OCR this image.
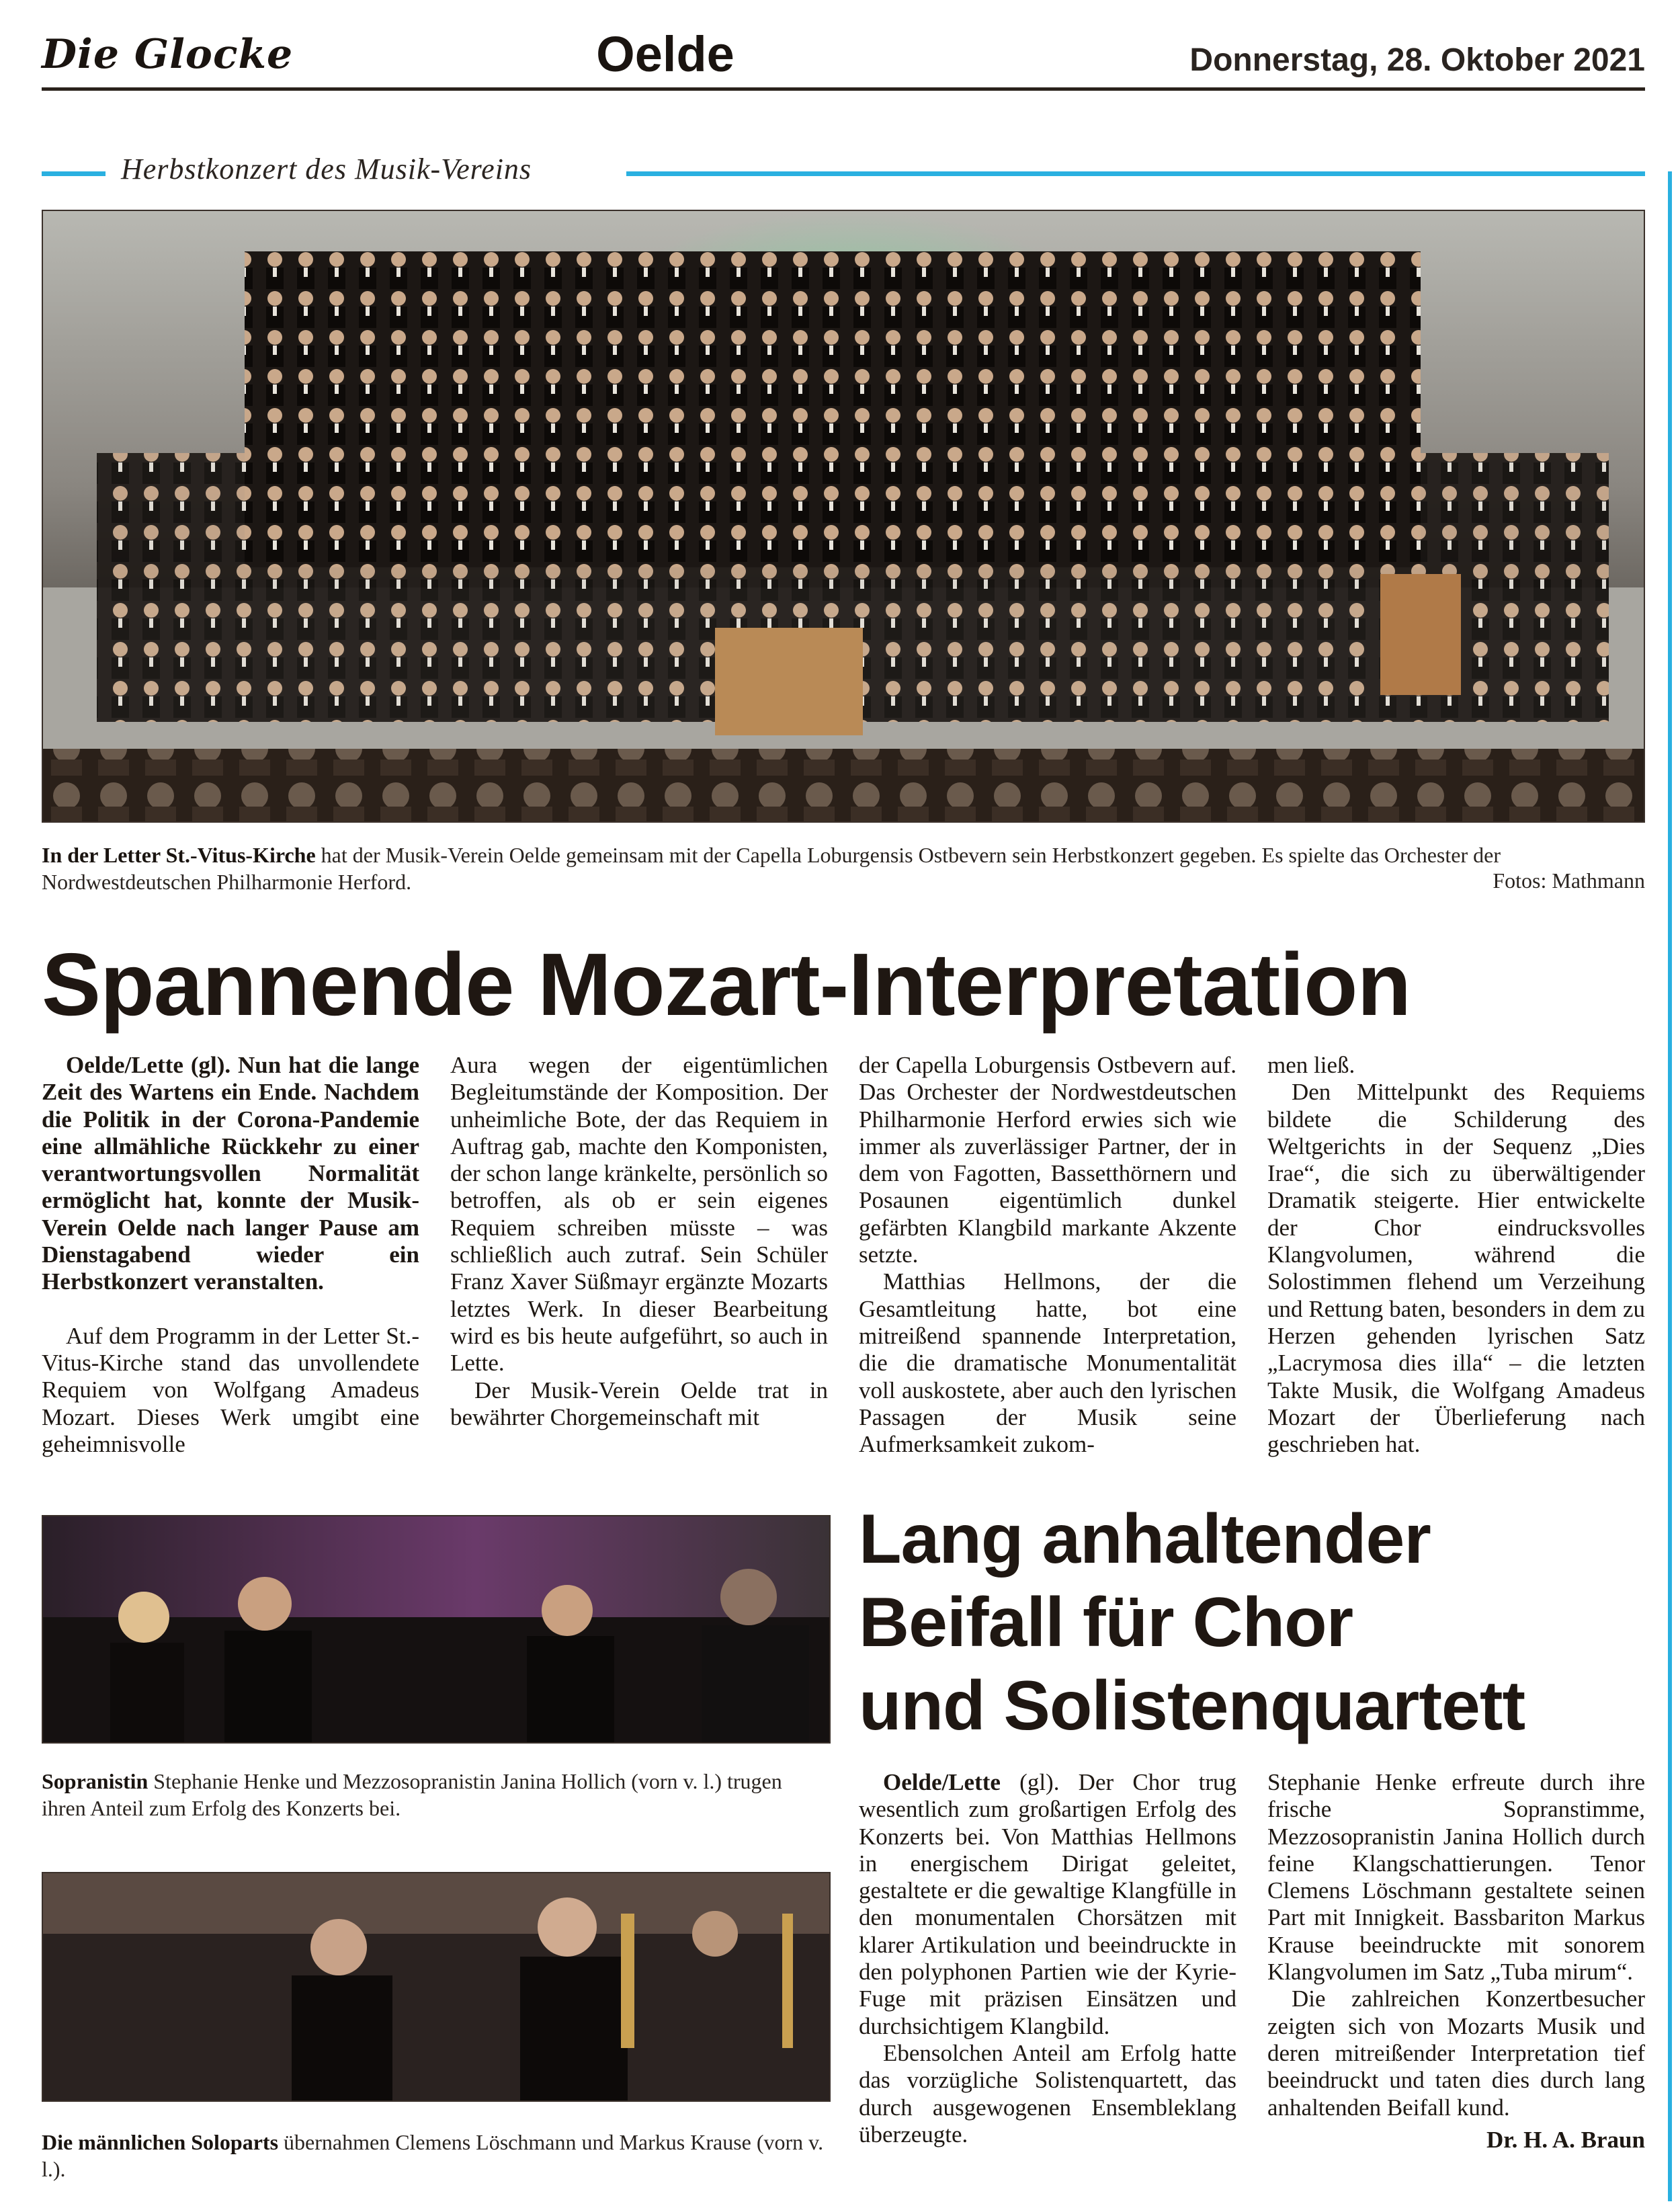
Die Glocke	Oelde	Donnerstag, 28. Oktober 2021
Herbstkonzert des Musik-Vereins
In der Letter St.-Vitus-Kirche hat der Musik-Verein Oelde gemeinsam mit der Capella Loburgensis Ostbevern sein Herbstkonzert gegeben. Es spielte das Orchester der Nordwestdeutschen Philharmonie Herford.	Fotos: Mathmann
Spannende Mozart-Interpretation

Oelde/Lette (gl). Nun hat die lange Zeit des Wartens ein Ende. Nachdem die Politik in der Corona-Pandemie eine allmähliche Rückkehr zu einer verantwortungsvollen Normalität ermöglicht hat, konnte der Musik-Verein Oelde nach langer Pause am Dienstagabend wieder ein Herbstkonzert veranstalten.

Auf dem Programm in der Letter St.-Vitus-Kirche stand das unvollendete Requiem von Wolfgang Amadeus Mozart. Dieses Werk umgibt eine geheimnisvolle

Aura wegen der eigentümlichen Begleitumstände der Komposition. Der unheimliche Bote, der das Requiem in Auftrag gab, machte den Komponisten, der schon lange kränkelte, persönlich so betroffen, als ob er sein eigenes Requiem schreiben müsste – was schließlich auch zutraf. Sein Schüler Franz Xaver Süßmayr ergänzte Mozarts letztes Werk. In dieser Bearbeitung wird es bis heute aufgeführt, so auch in Lette.

Der Musik-Verein Oelde trat in bewährter Chorgemeinschaft mit

der Capella Loburgensis Ostbevern auf. Das Orchester der Nordwestdeutschen Philharmonie Herford erwies sich wie immer als zuverlässiger Partner, der in dem von Fagotten, Bassetthörnern und Posaunen eigentümlich dunkel gefärbten Klangbild markante Akzente setzte.

Matthias Hellmons, der die Gesamtleitung hatte, bot eine mitreißend spannende Interpretation, die die dramatische Monumentalität voll auskostete, aber auch den lyrischen Passagen der Musik seine Aufmerksamkeit zukom-

men ließ.

Den Mittelpunkt des Requiems bildete die Schilderung des Weltgerichts in der Sequenz „Dies Irae“, die sich zu überwältigender Dramatik steigerte. Hier entwickelte der Chor eindrucksvolles Klangvolumen, während die Solostimmen flehend um Verzeihung und Rettung baten, besonders in dem zu Herzen gehenden lyrischen Satz „Lacrymosa dies illa“ – die letzten Takte Musik, die Wolfgang Amadeus Mozart der Überlieferung nach geschrieben hat.

Sopranistin Stephanie Henke und Mezzosopranistin Janina Hollich (vorn v. l.) trugen ihren Anteil zum Erfolg des Konzerts bei.
Die männlichen Soloparts übernahmen Clemens Löschmann und Markus Krause (vorn v. l.).
Lang anhaltender
Beifall für Chor
und Solistenquartett

Oelde/Lette (gl). Der Chor trug wesentlich zum großartigen Erfolg des Konzerts bei. Von Matthias Hellmons in energischem Dirigat geleitet, gestaltete er die gewaltige Klangfülle in den monumentalen Chorsätzen mit klarer Artikulation und beeindruckte in den polyphonen Partien wie der Kyrie-Fuge mit präzisen Einsätzen und durchsichtigem Klangbild.

Ebensolchen Anteil am Erfolg hatte das vorzügliche Solistenquartett, das durch ausgewogenen Ensembleklang überzeugte.

Stephanie Henke erfreute durch ihre frische Sopranstimme, Mezzosopranistin Janina Hollich durch feine Klangschattierungen. Tenor Clemens Löschmann gestaltete seinen Part mit Innigkeit. Bassbariton Markus Krause beeindruckte mit sonorem Klangvolumen im Satz „Tuba mirum“.

Die zahlreichen Konzertbesucher zeigten sich von Mozarts Musik und deren mitreißender Interpretation tief beeindruckt und taten dies durch lang anhaltenden Beifall kund.

Dr. H. A. Braun
